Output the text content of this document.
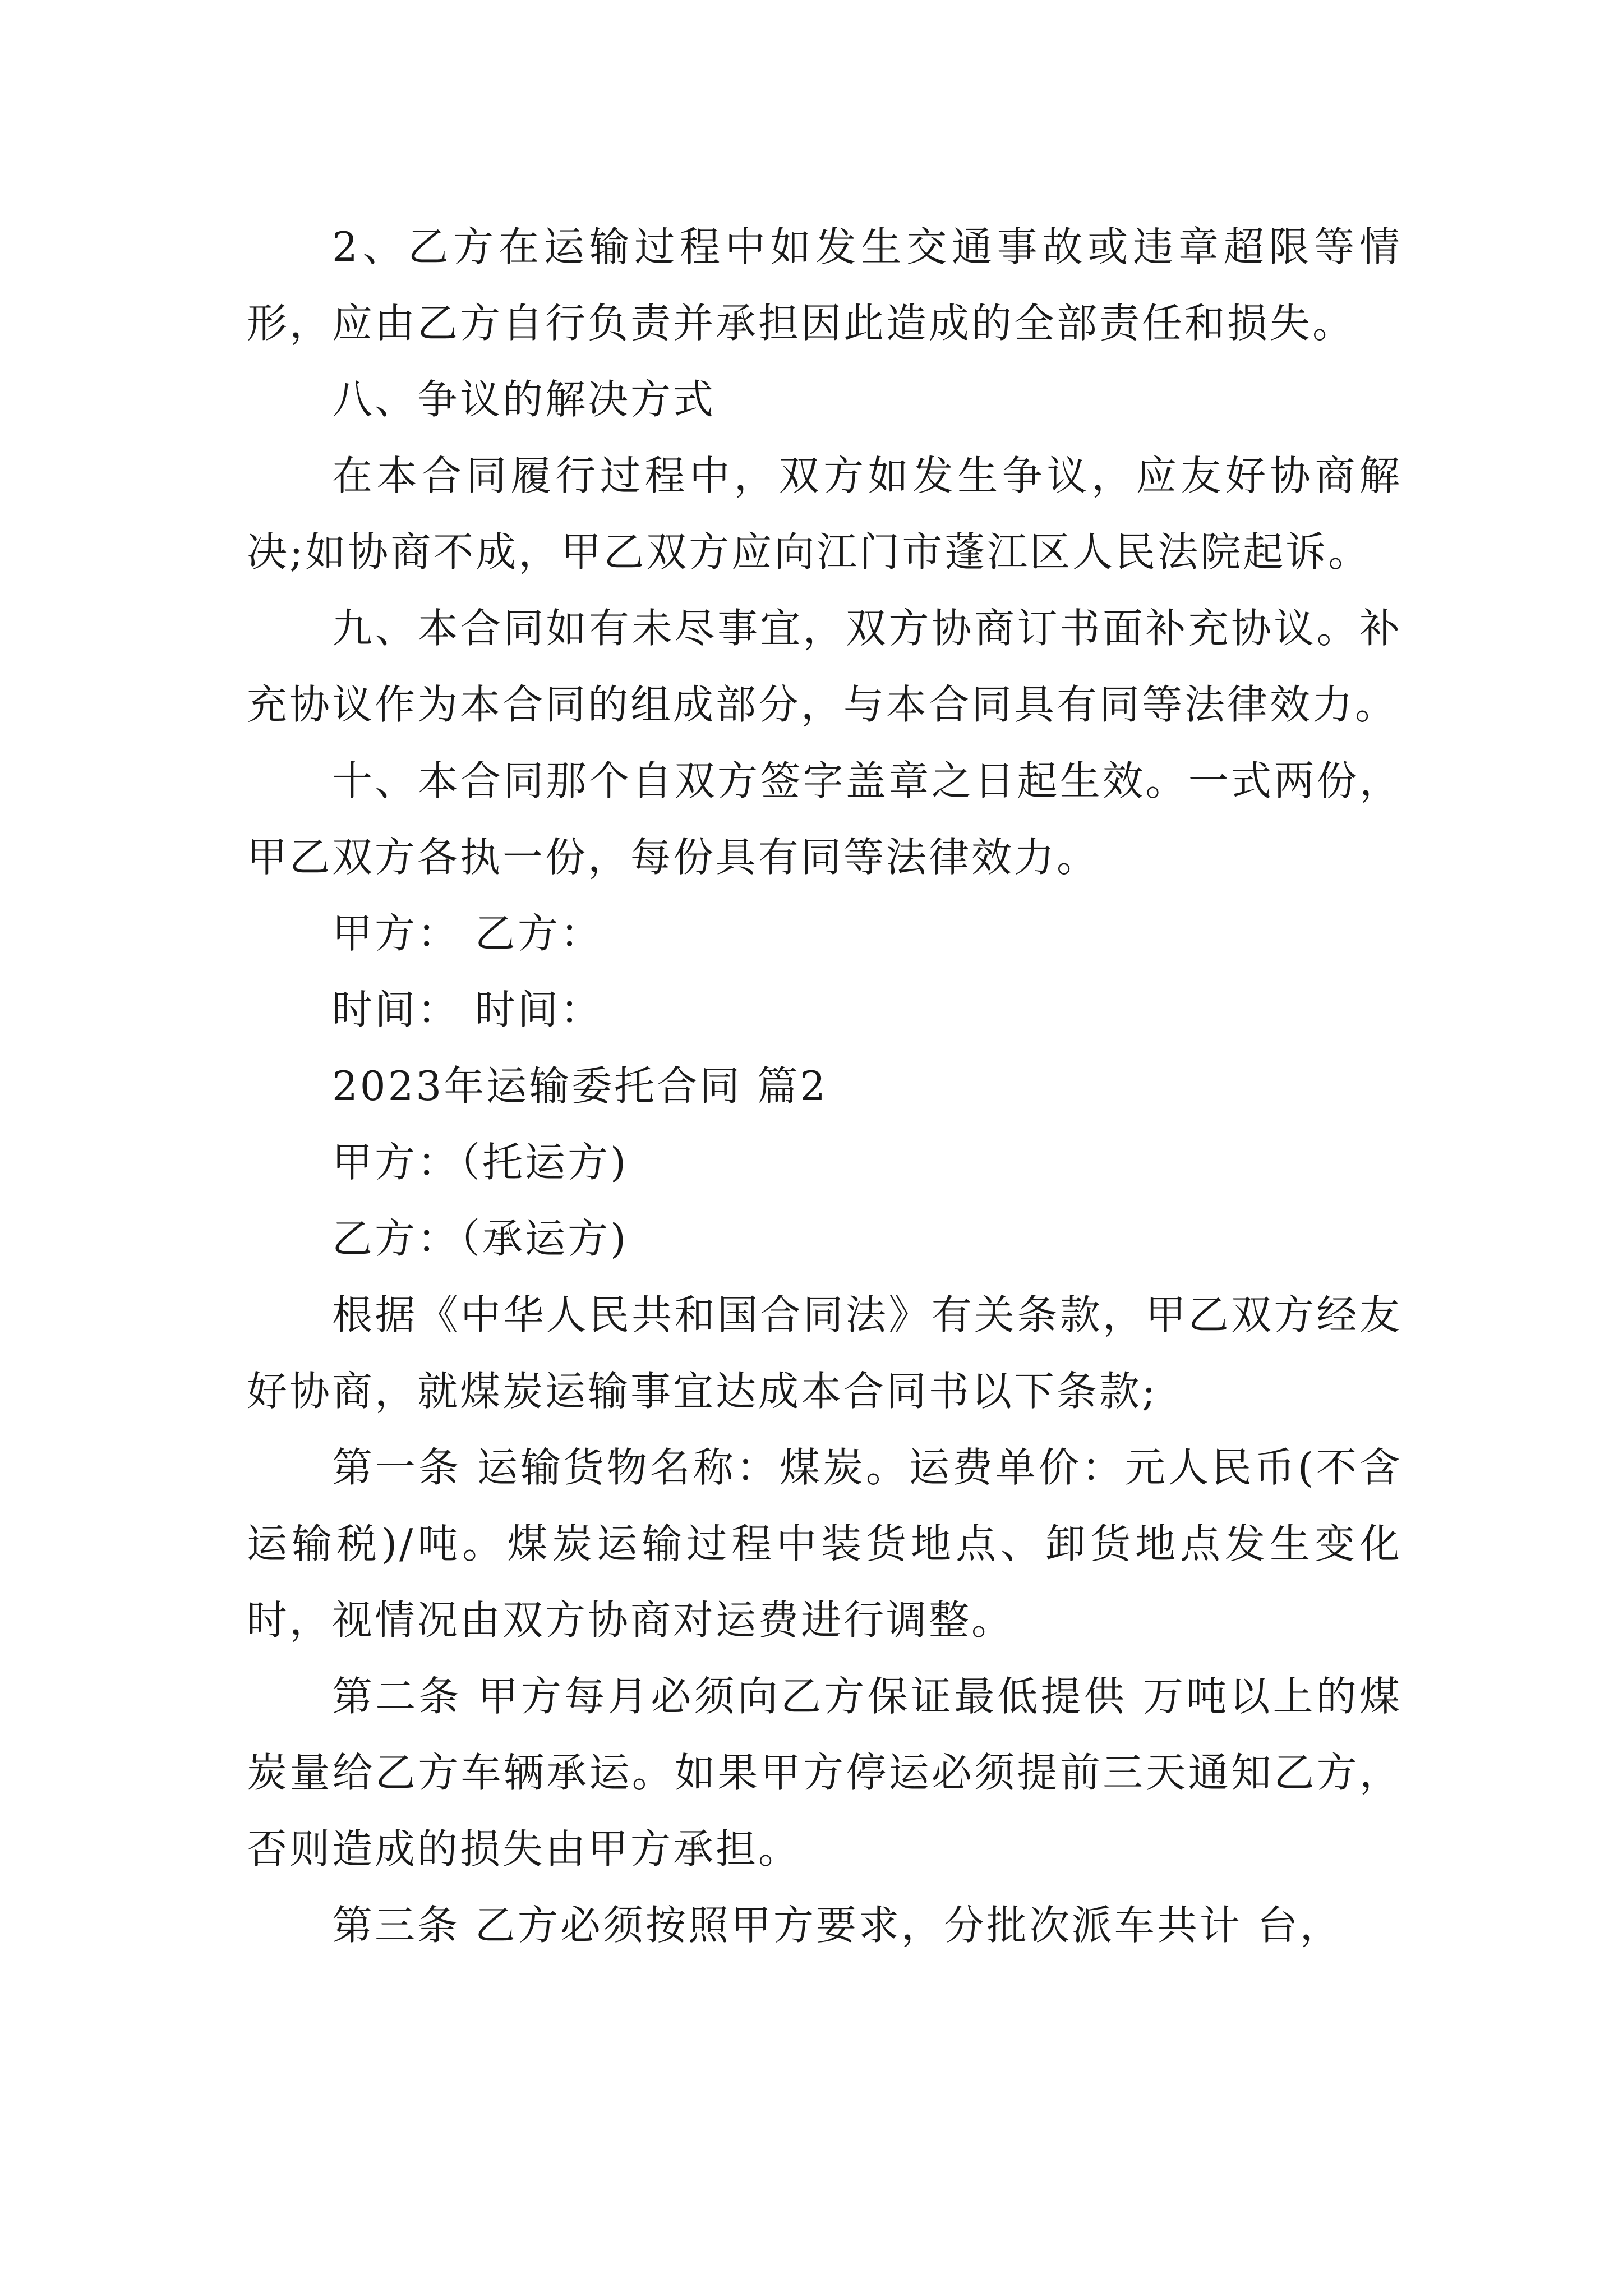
2、乙方在运输过程中如发生交通事故或违章超限等情形，应由乙方自行负责并承担因此造成的全部责任和损失。

八、争议的解决方式

在本合同履行过程中，双方如发生争议，应友好协商解决;如协商不成，甲乙双方应向江门市蓬江区人民法院起诉。

九、本合同如有未尽事宜，双方协商订书面补充协议。补充协议作为本合同的组成部分，与本合同具有同等法律效力。

十、本合同那个自双方签字盖章之日起生效。一式两份，甲乙双方各执一份，每份具有同等法律效力。

甲方： 乙方：

时间： 时间：

2023年运输委托合同 篇2

甲方：（托运方)

乙方：（承运方)

根据《中华人民共和国合同法》有关条款，甲乙双方经友好协商，就煤炭运输事宜达成本合同书以下条款;

第一条 运输货物名称：煤炭。运费单价：元人民币(不含运输税)/吨。煤炭运输过程中装货地点、卸货地点发生变化时，视情况由双方协商对运费进行调整。

第二条 甲方每月必须向乙方保证最低提供 万吨以上的煤炭量给乙方车辆承运。如果甲方停运必须提前三天通知乙方，否则造成的损失由甲方承担。

第三条 乙方必须按照甲方要求，分批次派车共计 台，
